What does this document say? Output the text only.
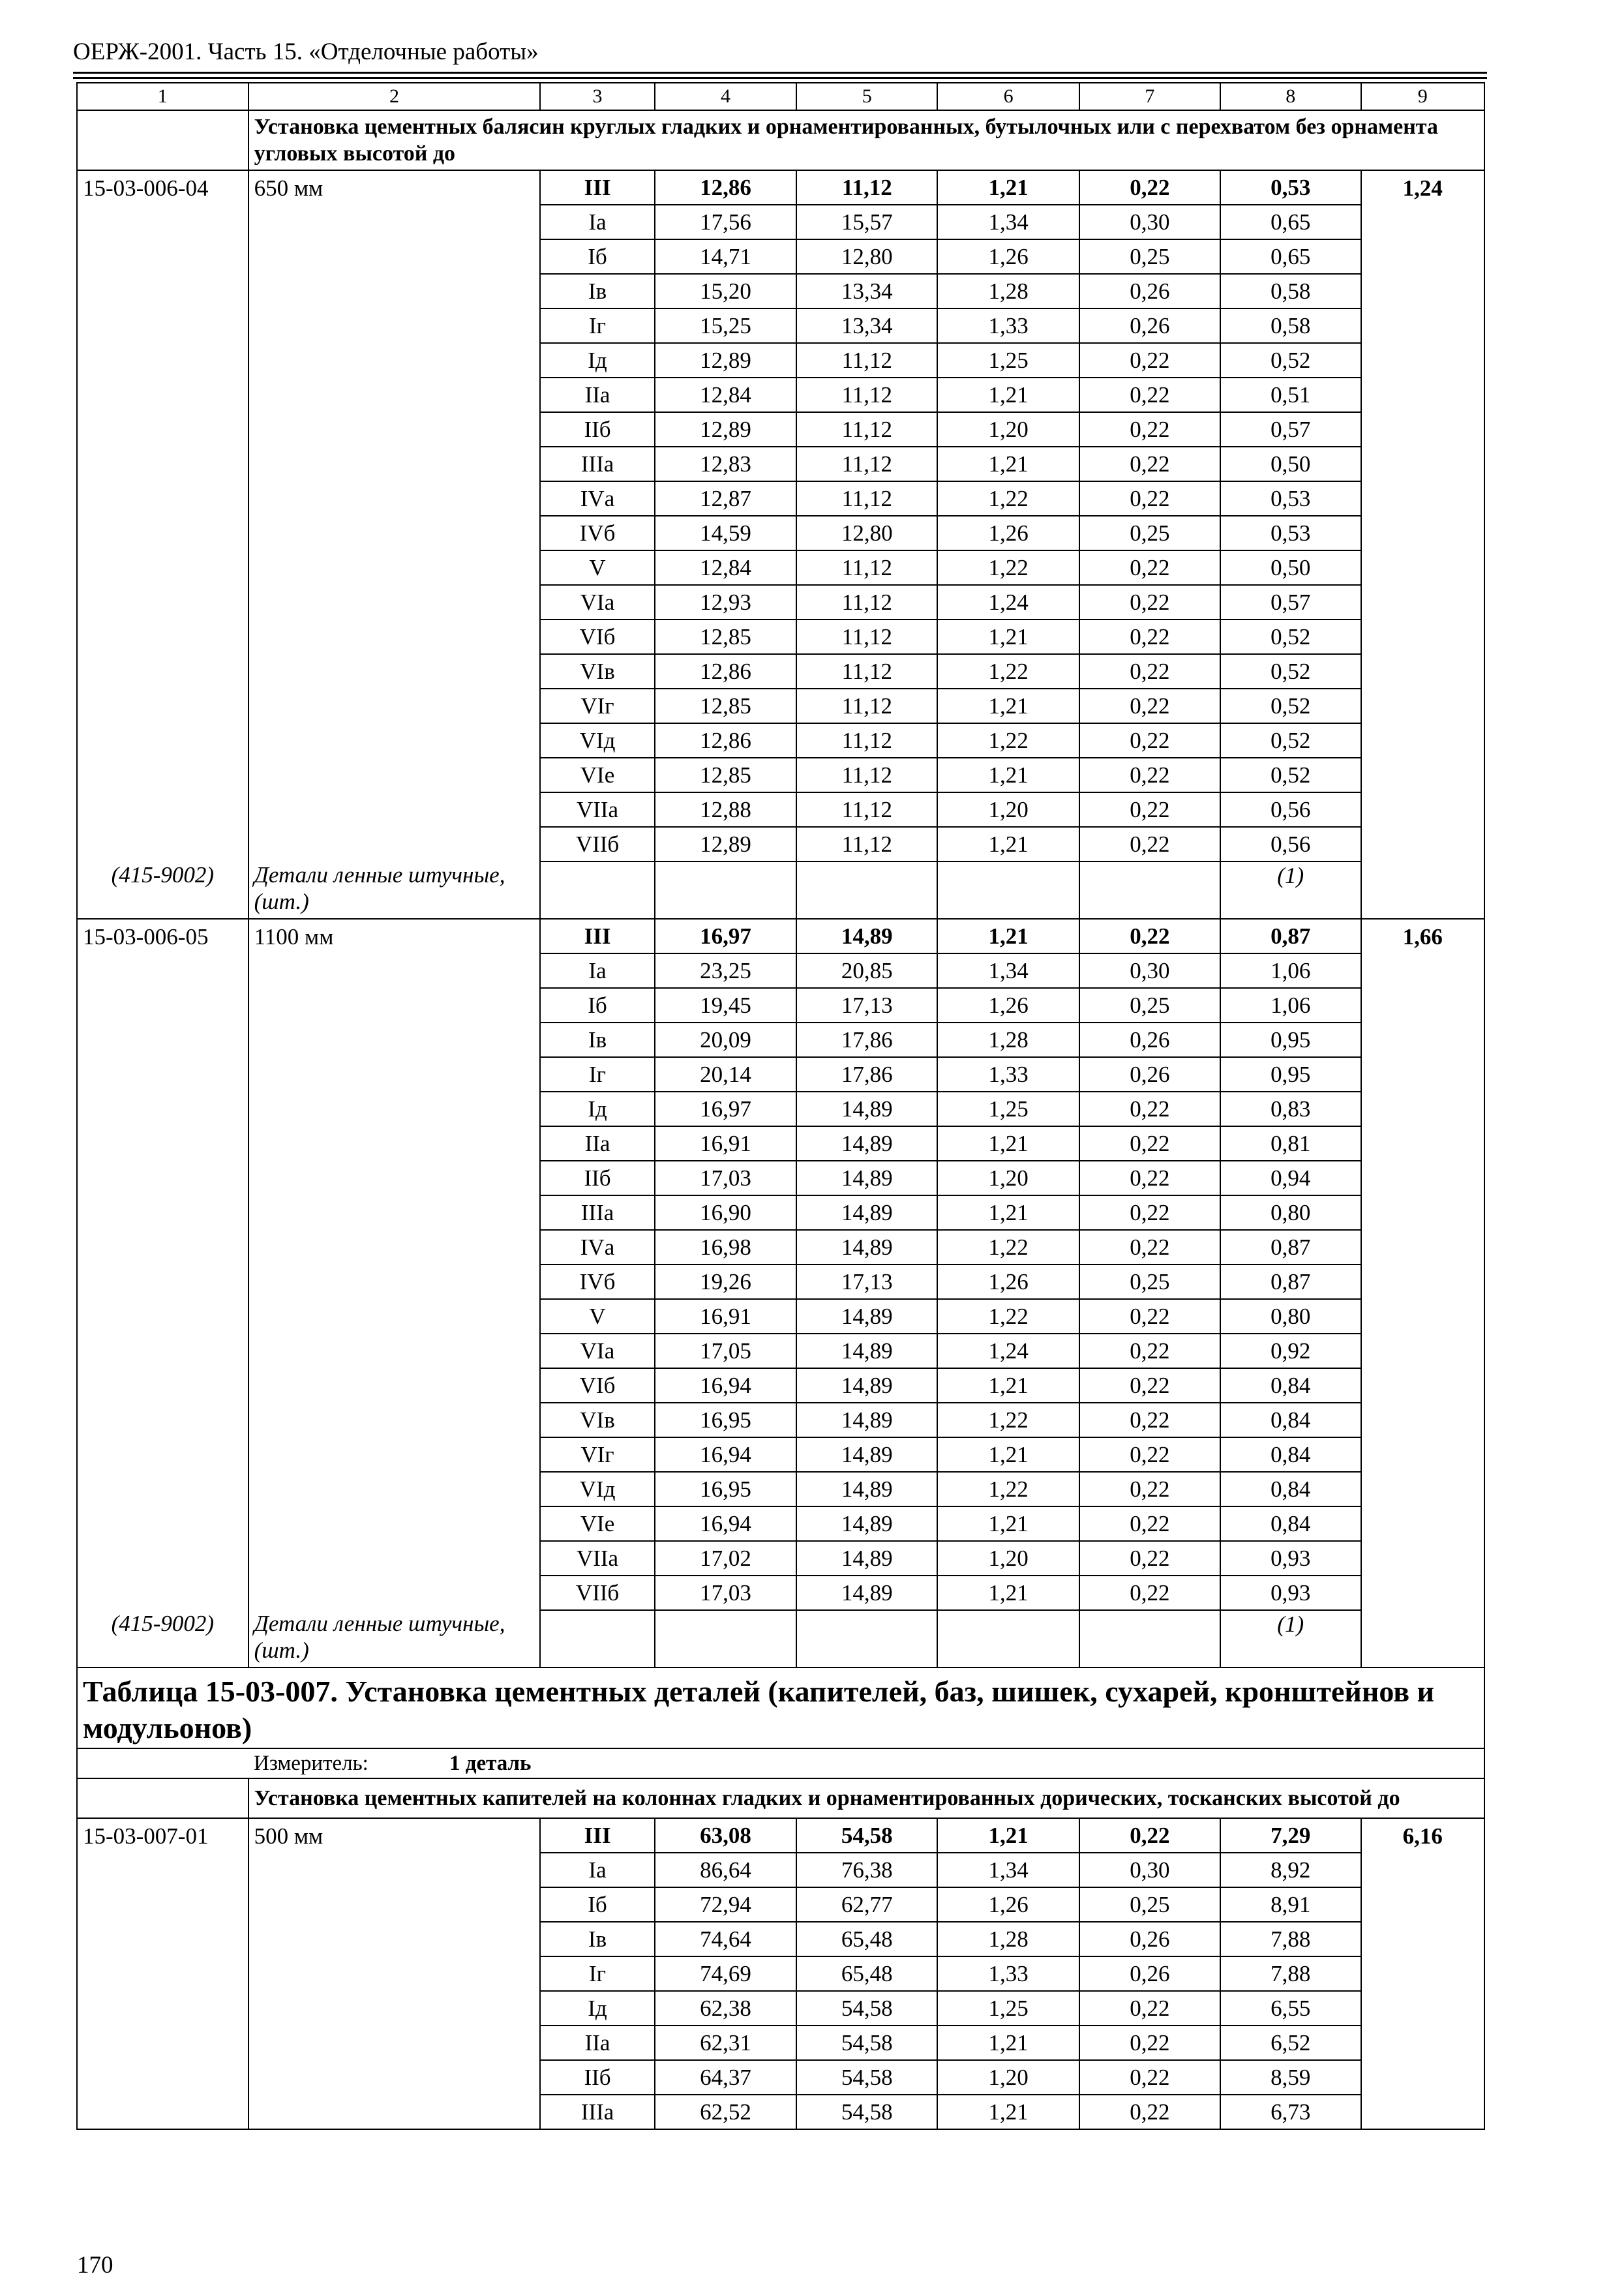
ОЕРЖ-2001. Часть 15. «Отделочные работы»
1	2	3	4	5	6	7	8	9
	Установка цементных балясин круглых гладких и орнаментированных, бутылочных или с перехватом без орнамента угловых высотой до							
15-03-006-04	650 мм	III	12,86	11,12	1,21	0,22	0,53	1,24
		Iа	17,56	15,57	1,34	0,30	0,65	
		Iб	14,71	12,80	1,26	0,25	0,65	
		Iв	15,20	13,34	1,28	0,26	0,58	
		Iг	15,25	13,34	1,33	0,26	0,58	
		Iд	12,89	11,12	1,25	0,22	0,52	
		IIа	12,84	11,12	1,21	0,22	0,51	
		IIб	12,89	11,12	1,20	0,22	0,57	
		IIIа	12,83	11,12	1,21	0,22	0,50	
		IVа	12,87	11,12	1,22	0,22	0,53	
		IVб	14,59	12,80	1,26	0,25	0,53	
		V	12,84	11,12	1,22	0,22	0,50	
		VIа	12,93	11,12	1,24	0,22	0,57	
		VIб	12,85	11,12	1,21	0,22	0,52	
		VIв	12,86	11,12	1,22	0,22	0,52	
		VIг	12,85	11,12	1,21	0,22	0,52	
		VIд	12,86	11,12	1,22	0,22	0,52	
		VIе	12,85	11,12	1,21	0,22	0,52	
		VIIа	12,88	11,12	1,20	0,22	0,56	
		VIIб	12,89	11,12	1,21	0,22	0,56	
(415-9002)	Детали ленные штучные, (шт.)						(1)	
15-03-006-05	1100 мм	III	16,97	14,89	1,21	0,22	0,87	1,66
		Iа	23,25	20,85	1,34	0,30	1,06	
		Iб	19,45	17,13	1,26	0,25	1,06	
		Iв	20,09	17,86	1,28	0,26	0,95	
		Iг	20,14	17,86	1,33	0,26	0,95	
		Iд	16,97	14,89	1,25	0,22	0,83	
		IIа	16,91	14,89	1,21	0,22	0,81	
		IIб	17,03	14,89	1,20	0,22	0,94	
		IIIа	16,90	14,89	1,21	0,22	0,80	
		IVа	16,98	14,89	1,22	0,22	0,87	
		IVб	19,26	17,13	1,26	0,25	0,87	
		V	16,91	14,89	1,22	0,22	0,80	
		VIа	17,05	14,89	1,24	0,22	0,92	
		VIб	16,94	14,89	1,21	0,22	0,84	
		VIв	16,95	14,89	1,22	0,22	0,84	
		VIг	16,94	14,89	1,21	0,22	0,84	
		VIд	16,95	14,89	1,22	0,22	0,84	
		VIе	16,94	14,89	1,21	0,22	0,84	
		VIIа	17,02	14,89	1,20	0,22	0,93	
		VIIб	17,03	14,89	1,21	0,22	0,93	
(415-9002)	Детали ленные штучные, (шт.)						(1)	
Таблица 15-03-007. Установка цементных деталей (капителей, баз, шишек, сухарей, кронштейнов и модульонов)								
Измеритель: 1 деталь								
	Установка цементных капителей на колоннах гладких и орнаментированных дорических, тосканских высотой до							
15-03-007-01	500 мм	III	63,08	54,58	1,21	0,22	7,29	6,16
		Iа	86,64	76,38	1,34	0,30	8,92	
		Iб	72,94	62,77	1,26	0,25	8,91	
		Iв	74,64	65,48	1,28	0,26	7,88	
		Iг	74,69	65,48	1,33	0,26	7,88	
		Iд	62,38	54,58	1,25	0,22	6,55	
		IIа	62,31	54,58	1,21	0,22	6,52	
		IIб	64,37	54,58	1,20	0,22	8,59	
		IIIа	62,52	54,58	1,21	0,22	6,73	
170
